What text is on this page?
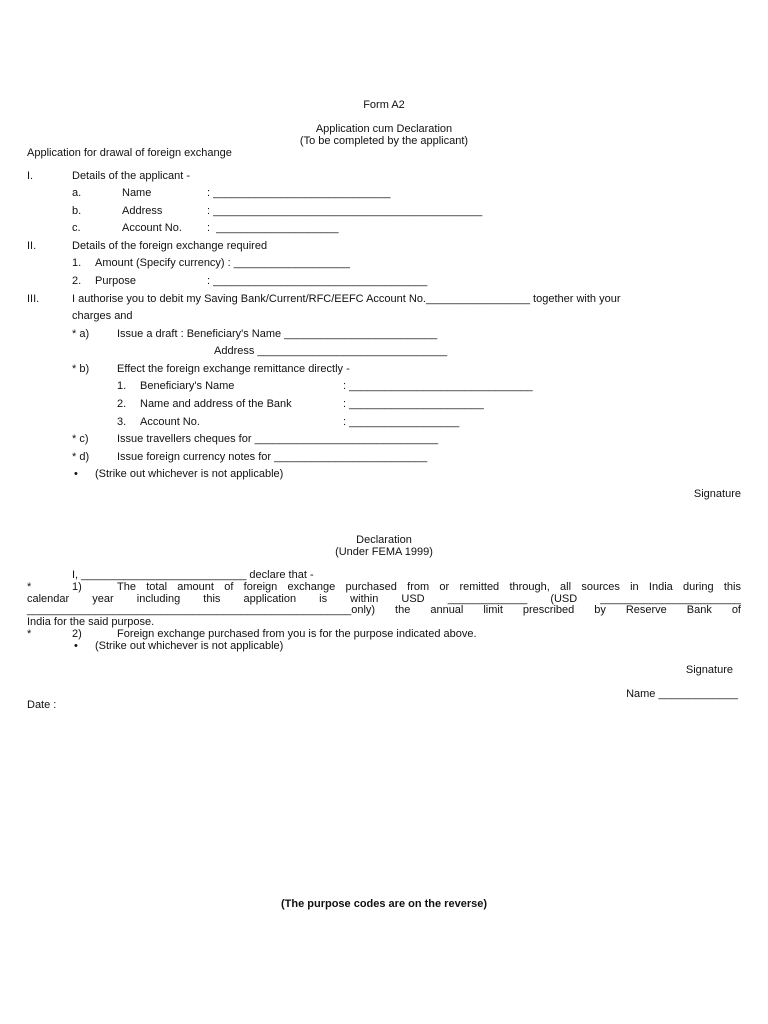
Form A2
Application cum Declaration
(To be completed by the applicant)
Application for drawal of foreign exchange
I.	Details of the applicant -
a.	Name	: _____________________________
b.	Address	: ____________________________________________
c.	Account No. :  ____________________
II.	Details of the foreign exchange required
1. Amount (Specify currency) : ___________________
2. Purpose	: ___________________________________
III.	I authorise you to debit my Saving Bank/Current/RFC/EEFC Account No._________________ together with your
charges and
* a)	Issue a draft : Beneficiary's Name _________________________
Address _______________________________
* b)	Effect the foreign exchange remittance directly -
1. Beneficiary's Name	: ______________________________
2. Name and address of the Bank	: ______________________
3. Account No.	: __________________
* c)	Issue travellers cheques for ______________________________
* d)	Issue foreign currency notes for _________________________
• (Strike out whichever is not applicable)
Signature
Declaration
(Under FEMA 1999)
I, ___________________________ declare that -
*	1)	The total amount of foreign exchange purchased from or remitted through, all sources in India during this
calendar year including this application is within USD _____________ (USD _______________________
_____________________________________________________only) the annual limit prescribed by Reserve Bank of
India for the said purpose.
*	2)	Foreign exchange purchased from you is for the purpose indicated above.
• (Strike out whichever is not applicable)
Signature
Name _____________
Date :
(The purpose codes are on the reverse)
